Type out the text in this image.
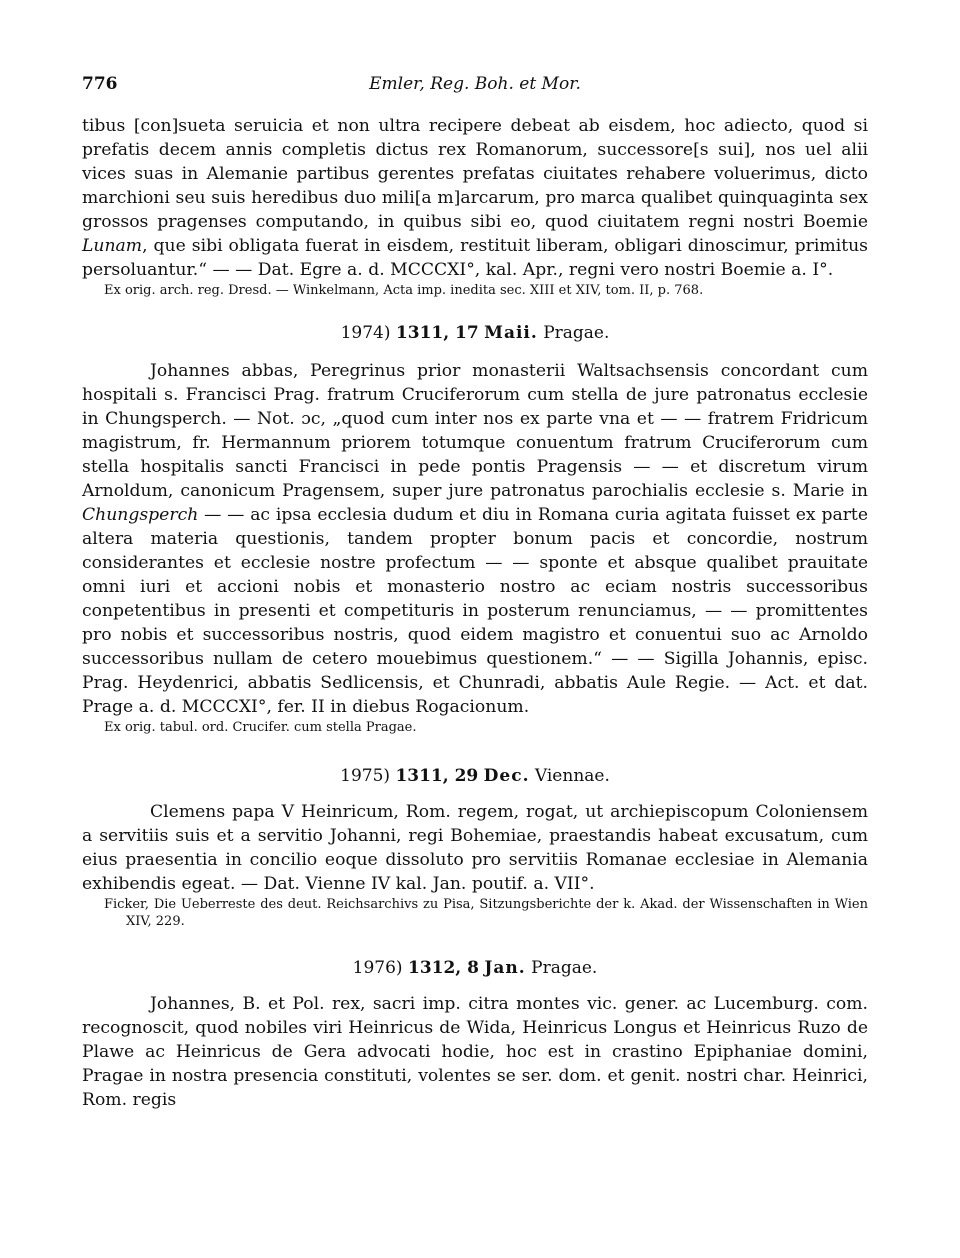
776	Emler, Reg. Boh. et Mor.

tibus [con]sueta seruicia et non ultra recipere debeat ab eisdem, hoc adiecto, quod si prefatis decem annis completis dictus rex Romanorum, successore[s sui], nos uel alii vices suas in Alemanie partibus gerentes prefatas ciuitates rehabere voluerimus, dicto marchioni seu suis heredibus duo mili[a m]arcarum, pro marca qualibet quinquaginta sex grossos pragenses computando, in quibus sibi eo, quod ciuitatem regni nostri Boemie Lunam, que sibi obligata fuerat in eisdem, restituit liberam, obligari dinoscimur, primitus persoluantur.“ — — Dat. Egre a. d. MCCCXI°, kal. Apr., regni vero nostri Boemie a. I°.

Ex orig. arch. reg. Dresd. — Winkelmann, Acta imp. inedita sec. XIII et XIV, tom. II, p. 768.

1974) 1311, 17 Maii. Pragae.

Johannes abbas, Peregrinus prior monasterii Waltsachsensis concordant cum hospitali s. Francisci Prag. fratrum Cruciferorum cum stella de jure patronatus ecclesie in Chungsperch. — Not. ɔc, „quod cum inter nos ex parte vna et — — fratrem Fridricum magistrum, fr. Hermannum priorem totumque conuentum fratrum Cruciferorum cum stella hospitalis sancti Francisci in pede pontis Pragensis — — et discretum virum Arnoldum, canonicum Pragensem, super jure patronatus parochialis ecclesie s. Marie in Chungsperch — — ac ipsa ecclesia dudum et diu in Romana curia agitata fuisset ex parte altera materia questionis, tandem propter bonum pacis et concordie, nostrum considerantes et ecclesie nostre profectum — — sponte et absque qualibet prauitate omni iuri et accioni nobis et monasterio nostro ac eciam nostris successoribus conpetentibus in presenti et competituris in posterum renunciamus, — — promittentes pro nobis et successoribus nostris, quod eidem magistro et conuentui suo ac Arnoldo successoribus nullam de cetero mouebimus questionem.“ — — Sigilla Johannis, episc. Prag. Heydenrici, abbatis Sedlicensis, et Chunradi, abbatis Aule Regie. — Act. et dat. Prage a. d. MCCCXI°, fer. II in diebus Rogacionum.

Ex orig. tabul. ord. Crucifer. cum stella Pragae.

1975) 1311, 29 Dec. Viennae.

Clemens papa V Heinricum, Rom. regem, rogat, ut archiepiscopum Coloniensem a servitiis suis et a servitio Johanni, regi Bohemiae, praestandis habeat excusatum, cum eius praesentia in concilio eoque dissoluto pro servitiis Romanae ecclesiae in Alemania exhibendis egeat. — Dat. Vienne IV kal. Jan. poutif. a. VII°.

Ficker, Die Ueberreste des deut. Reichsarchivs zu Pisa, Sitzungsberichte der k. Akad. der Wissenschaften in Wien XIV, 229.

1976) 1312, 8 Jan. Pragae.

Johannes, B. et Pol. rex, sacri imp. citra montes vic. gener. ac Lucemburg. com. recognoscit, quod nobiles viri Heinricus de Wida, Heinricus Longus et Heinricus Ruzo de Plawe ac Heinricus de Gera advocati hodie, hoc est in crastino Epiphaniae domini, Pragae in nostra presencia constituti, volentes se ser. dom. et genit. nostri char. Heinrici, Rom. regis
